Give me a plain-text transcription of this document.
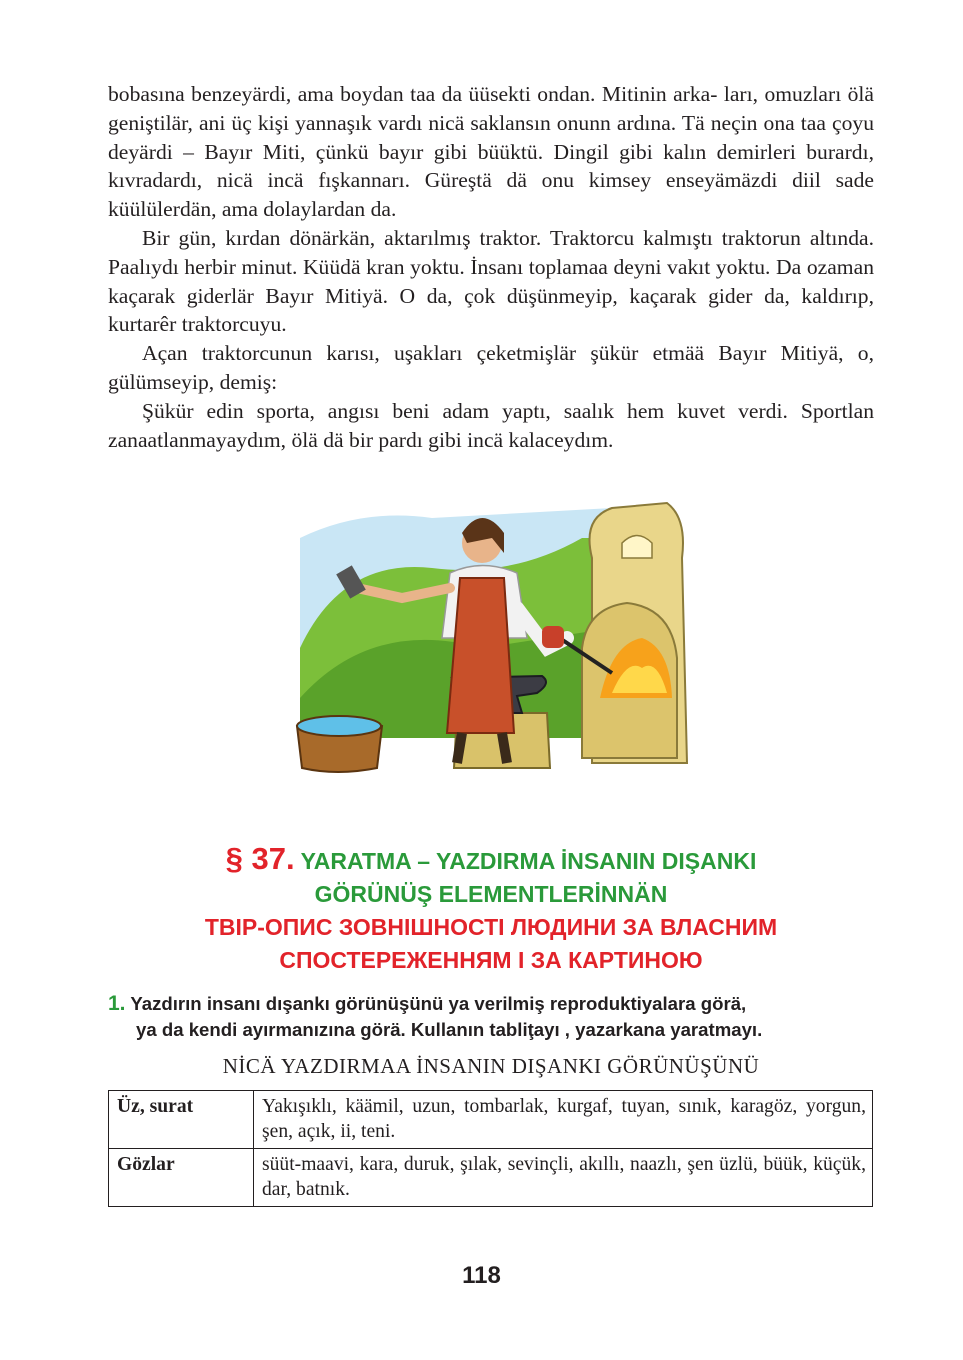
bobasına benzeyärdi, ama boydan taa da üüsekti ondan. Mitinin arka- ları, omuzları ölä geniştilär, ani üç kişi yannaşık vardı nicä saklansın onunn ardına. Tä neçin ona taa çoyu deyärdi – Bayır Miti, çünkü bayır gibi büüktü. Dingil gibi kalın demirleri burardı, kıvradardı, nicä incä fışkannarı. Güreştä dä onu kimsey enseyämäzdi diil sade küülülerdän, ama dolaylardan da.

Bir gün, kırdan dönärkän, aktarılmış traktor. Traktorcu kalmıştı traktorun altında. Paalıydı herbir minut. Küüdä kran yoktu. İnsanı toplamaa deyni vakıt yoktu. Da ozaman kaçarak giderlär Bayır Mitiyä. O da, çok düşünmeyip, kaçarak gider da, kaldırıp, kurtarêr traktorcuyu.

Açan traktorcunun karısı, uşakları çeketmişlär şükür etmää Bayır Mitiyä, o, gülümseyip, demiş:

Şükür edin sporta, angısı beni adam yaptı, saalık hem kuvet verdi. Sportlan zanaatlanmayaydım, ölä dä bir pardı gibi incä kalaceydım.

§ 37. YARATMA – YAZDIRMA İNSANIN DIŞANKI
GÖRÜNÜŞ ELEMENTLERİNNÄN
ТВІР-ОПИС ЗОВНІШНОСТІ ЛЮДИНИ ЗА ВЛАСНИМ
СПОСТЕРЕЖЕННЯМ І ЗА КАРТИНОЮ
1. Yazdırın insanı dışankı görünüşünü ya verilmiş reproduktiyalara görä,
ya da kendi ayırmanızına görä. Kullanın tabliţayı , yazarkana yaratmayı.
NİCÄ YAZDIRMAA İNSANIN DIŞANKI GÖRÜNÜŞÜNÜ
Üz, surat	Yakışıklı, käämil, uzun, tombarlak, kurgaf, tuyan, sınık, karagöz, yorgun, şen, açık, ii, teni.
Gözlar	süüt-maavi, kara, duruk, şılak, sevinçli, akıllı, naazlı, şen üzlü, büük, küçük, dar, batnık.
118
